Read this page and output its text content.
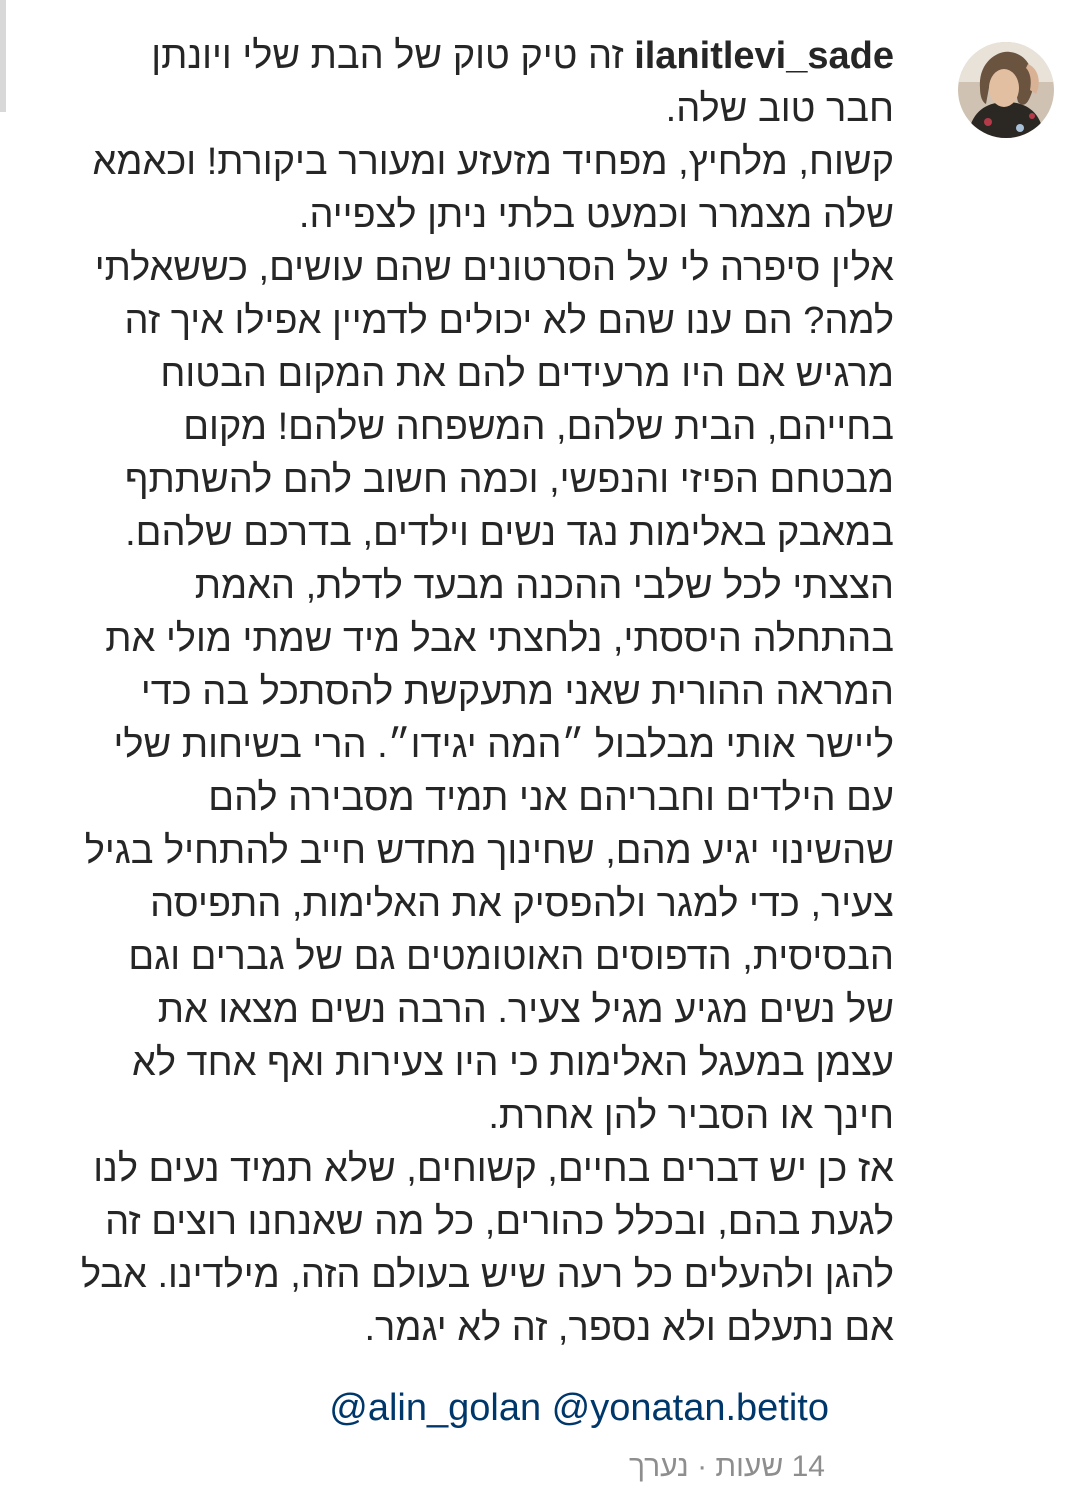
ilanitlevi_sade זה טיק טוק של הבת שלי ויונתן חבר טוב שלה.

קשוח, מלחיץ, מפחיד מזעזע ומעורר ביקורת! וכאמא שלה מצמרר וכמעט בלתי ניתן לצפייה.

אלין סיפרה לי על הסרטונים שהם עושים, כששאלתי למה? הם ענו שהם לא יכולים לדמיין אפילו איך זה מרגיש אם היו מרעידים להם את המקום הבטוח בחייהם, הבית שלהם, המשפחה שלהם! מקום מבטחם הפיזי והנפשי, וכמה חשוב להם להשתתף במאבק באלימות נגד נשים וילדים, בדרכם שלהם.

הצצתי לכל שלבי ההכנה מבעד לדלת, האמת בהתחלה היססתי, נלחצתי אבל מיד שמתי מולי את המראה ההורית שאני מתעקשת להסתכל בה כדי ליישר אותי מבלבול ״המה יגידו״. הרי בשיחות שלי עם הילדים וחבריהם אני תמיד מסבירה להם שהשינוי יגיע מהם, שחינוך מחדש חייב להתחיל בגיל צעיר, כדי למגר ולהפסיק את האלימות, התפיסה הבסיסית, הדפוסים האוטומטים גם של גברים וגם של נשים מגיע מגיל צעיר. הרבה נשים מצאו את עצמן במעגל האלימות כי היו צעירות ואף אחד לא חינך או הסביר להן אחרת.

אז כן יש דברים בחיים, קשוחים, שלא תמיד נעים לנו לגעת בהם, ובכלל כהורים, כל מה שאנחנו רוצים זה להגן ולהעלים כל רעה שיש בעולם הזה, מילדינו. אבל אם נתעלם ולא נספר, זה לא יגמר.

@alin_golan @yonatan.betito
14 שעות · נערך
